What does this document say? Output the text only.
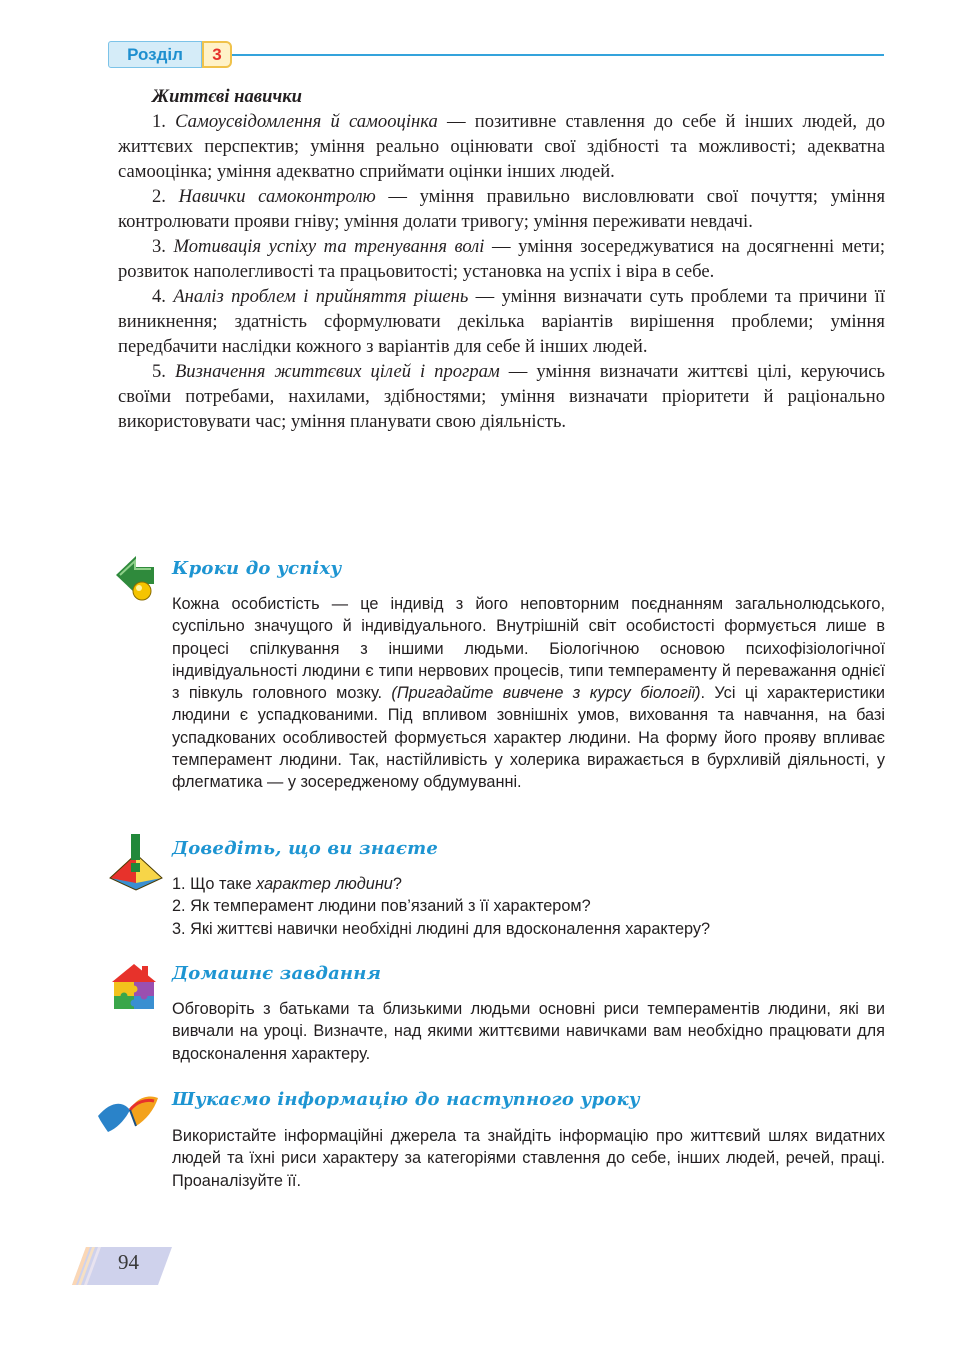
Розділ	3
Життєві навички

1. Самоусвідомлення й самооцінка — позитивне ставлення до себе й інших людей, до життєвих перспектив; уміння реально оцінювати свої здібності та можливості; адекватна самооцінка; уміння адекватно сприймати оцінки інших людей.

2. Навички самоконтролю — уміння правильно висловлювати свої почуття; уміння контролювати прояви гніву; уміння долати тривогу; уміння переживати невдачі.

3. Мотивація успіху та тренування волі — уміння зосереджуватися на досягненні мети; розвиток наполегливості та працьовитості; установка на успіх і віра в себе.

4. Аналіз проблем і прийняття рішень — уміння визначати суть проблеми та причини її виникнення; здатність сформулювати декілька варіантів вирішення проблеми; уміння передбачити наслідки кожного з варіантів для себе й інших людей.

5. Визначення життєвих цілей і програм — уміння визначати життєві цілі, керуючись своїми потребами, нахилами, здібностями; уміння визначати пріоритети й раціонально використовувати час; уміння планувати свою діяльність.

Кроки до успіху

Кожна особистість — це індивід з його неповторним поєднанням загальнолюдського, суспільно значущого й індивідуального. Внутрішній світ особистості формується лише в процесі спілкування з іншими людьми. Біологічною основою психофізіологічної індивідуальності людини є типи нервових процесів, типи темпераменту й переважання однієї з півкуль головного мозку. (Пригадайте вивчене з курсу біології). Усі ці характеристики людини є успадкованими. Під впливом зовнішніх умов, виховання та навчання, на базі успадкованих особливостей формується характер людини. На форму його прояву впливає темперамент людини. Так, настійливість у холерика виражається в бурхливій діяльності, у флегматика — у зосередженому обдумуванні.

Доведіть, що ви знаєте
1. Що таке характер людини?
2. Як темперамент людини пов’язаний з її характером?
3. Які життєві навички необхідні людині для вдосконалення характеру?
Домашнє завдання

Обговоріть з батьками та близькими людьми основні риси темпераментів людини, які ви вивчали на уроці. Визначте, над якими життєвими навичками вам необхідно працювати для вдосконалення характеру.

Шукаємо інформацію до наступного уроку

Використайте інформаційні джерела та знайдіть інформацію про життєвий шлях видатних людей та їхні риси характеру за категоріями ставлення до себе, інших людей, речей, праці. Проаналізуйте її.

94
